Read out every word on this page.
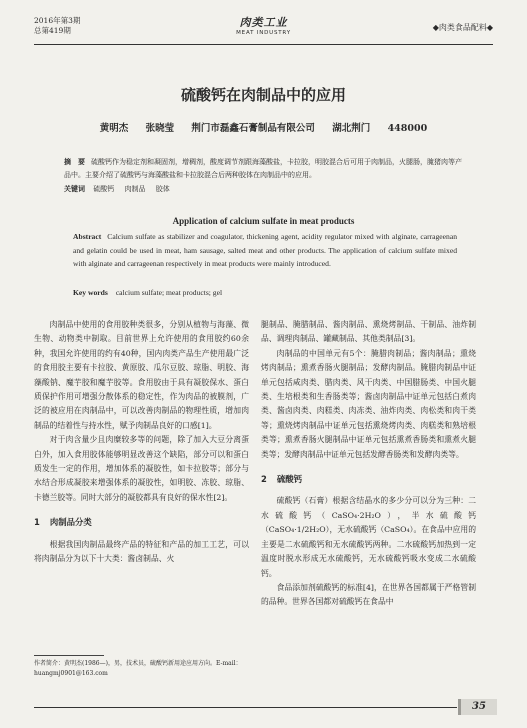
2016年第3期
总第419期
肉类工业
MEAT INDUSTRY
◆肉类食品配料◆
硫酸钙在肉制品中的应用
黄明杰 张晓莹 荆门市磊鑫石膏制品有限公司 湖北荆门 448000
摘　要 硫酸钙作为稳定剂和凝固剂，增稠剂，酸度调节剂跟海藻酸盐，卡拉胶，明胶混合后可用于肉制品，火腿肠，腌猪肉等产品中。主要介绍了硫酸钙与海藻酸盐和卡拉胶混合后两种胶体在肉制品中的应用。
关键词 硫酸钙 肉制品 胶体
Application of calcium sulfate in meat products
Abstract Calcium sulfate as stabilizer and coagulator, thickening agent, acidity regulator mixed with alginate, carrageenan and gelatin could be used in meat, ham sausage, salted meat and other products. The application of calcium sulfate mixed with alginate and carrageenan respectively in meat products were mainly introduced.
Key words calcium sulfate; meat products; gel

肉制品中使用的食用胶种类很多，分别从植物与海藻、微生物、动物类中制取。目前世界上允许使用的食用胶约60余种，我国允许使用的约有40种，国内肉类产品生产使用最广泛的食用胶主要有卡拉胶、黄原胶、瓜尔豆胶、琼脂、明胶、海藻酸钠、魔芋胶和魔芋胶等。食用胶由于具有凝胶保水、蛋白质保护作用可增强分散体系的稳定性，作为肉品的被膜剂，广泛的被应用在肉制品中，可以改善肉制品的物理性质，增加肉制品的结着性与持水性，赋予肉制品良好的口感[1]。

对于肉含量少且肉糜较多等的问题，除了加入大豆分离蛋白外，加入食用胶体能够明显改善这个缺陷，部分可以和蛋白质发生一定的作用，增加体系的凝胶性，如卡拉胶等；部分与水结合形成凝胶来增强体系的凝胶性，如明胶、冻胶、琼脂、卡德兰胶等。同时大部分的凝胶都具有良好的保水性[2]。

1 肉制品分类

根据我国肉制品最终产品的特征和产品的加工工艺，可以将肉制品分为以下十大类：酱卤制品、火

作者简介：黄明杰(1986—)，男，技术员，硫酸钙新用途应用方向。E-mail：huangmj0901@163.com

腿制品、腌腊制品、酱肉制品、熏烧烤制品、干制品、油炸制品、调理肉制品、罐藏制品、其他类制品[3]。

肉制品的中国单元有5个：腌腊肉制品；酱肉制品；熏烧烤肉制品；熏煮香肠火腿制品；发酵肉制品。腌腊肉制品中证单元包括咸肉类、腊肉类、风干肉类、中国腊肠类、中国火腿类、生培根类和生香肠类等；酱卤肉制品中证单元包括白煮肉类、酱卤肉类、肉糕类、肉冻类、油炸肉类、肉松类和肉干类等；熏烧烤肉制品中证单元包括熏烧烤肉类、肉糕类和熟培根类等；熏煮香肠火腿制品中证单元包括熏煮香肠类和熏煮火腿类等；发酵肉制品中证单元包括发酵香肠类和发酵肉类等。

2 硫酸钙

硫酸钙（石膏）根据含结晶水的多少分可以分为三种：二水硫酸钙（CaSO₄·2H₂O），半水硫酸钙（CaSO₄·1/2H₂O），无水硫酸钙（CaSO₄）。在食品中应用的主要是二水硫酸钙和无水硫酸钙两种。二水硫酸钙加热到一定温度时脱水形成无水硫酸钙，无水硫酸钙吸水变成二水硫酸钙。

食品添加剂硫酸钙的标准[4]，在世界各国都属于严格管制的品种。世界各国都对硫酸钙在食品中

35
